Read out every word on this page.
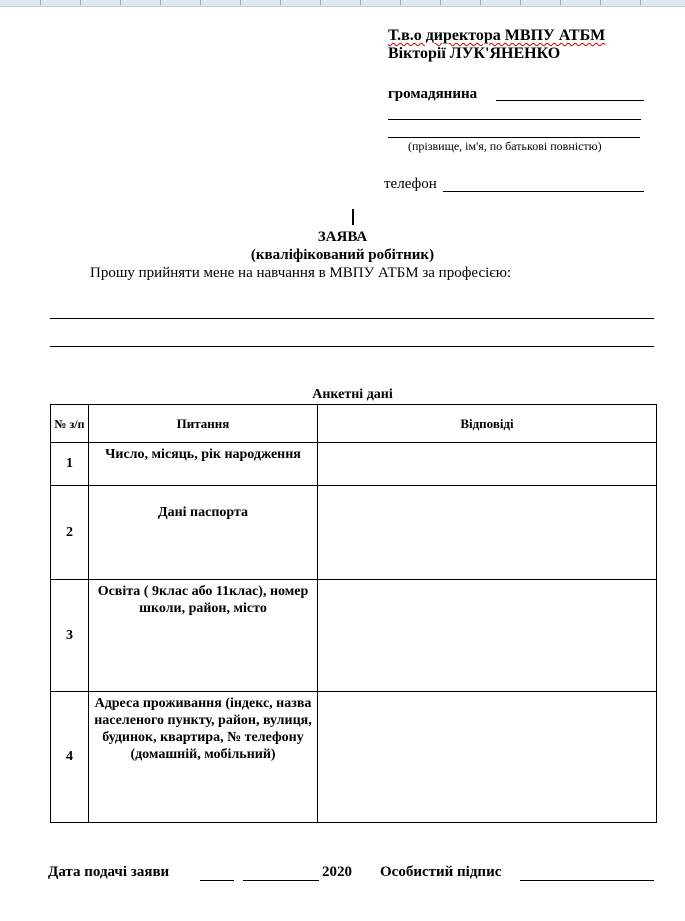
Т.в.о директора МВПУ АТБМ
Вікторії ЛУК'ЯНЕНКО
громадянина
(прізвище, ім'я, по батькові повністю)
телефон
ЗАЯВА
(кваліфікований робітник)
Прошу прийняти мене на навчання в МВПУ АТБМ за професією:
Анкетні дані
№ з/п	Питання	Відповіді
1	Число, місяць, рік народження	
2	Дані паспорта	
3	Освіта ( 9клас або 11клас), номер школи, район, місто	
4	Адреса проживання (індекс, назва населеного пункту, район, вулиця, будинок, квартира, № телефону (домашній, мобільний)	
Дата подачі заяви	2020 Особистий підпис
